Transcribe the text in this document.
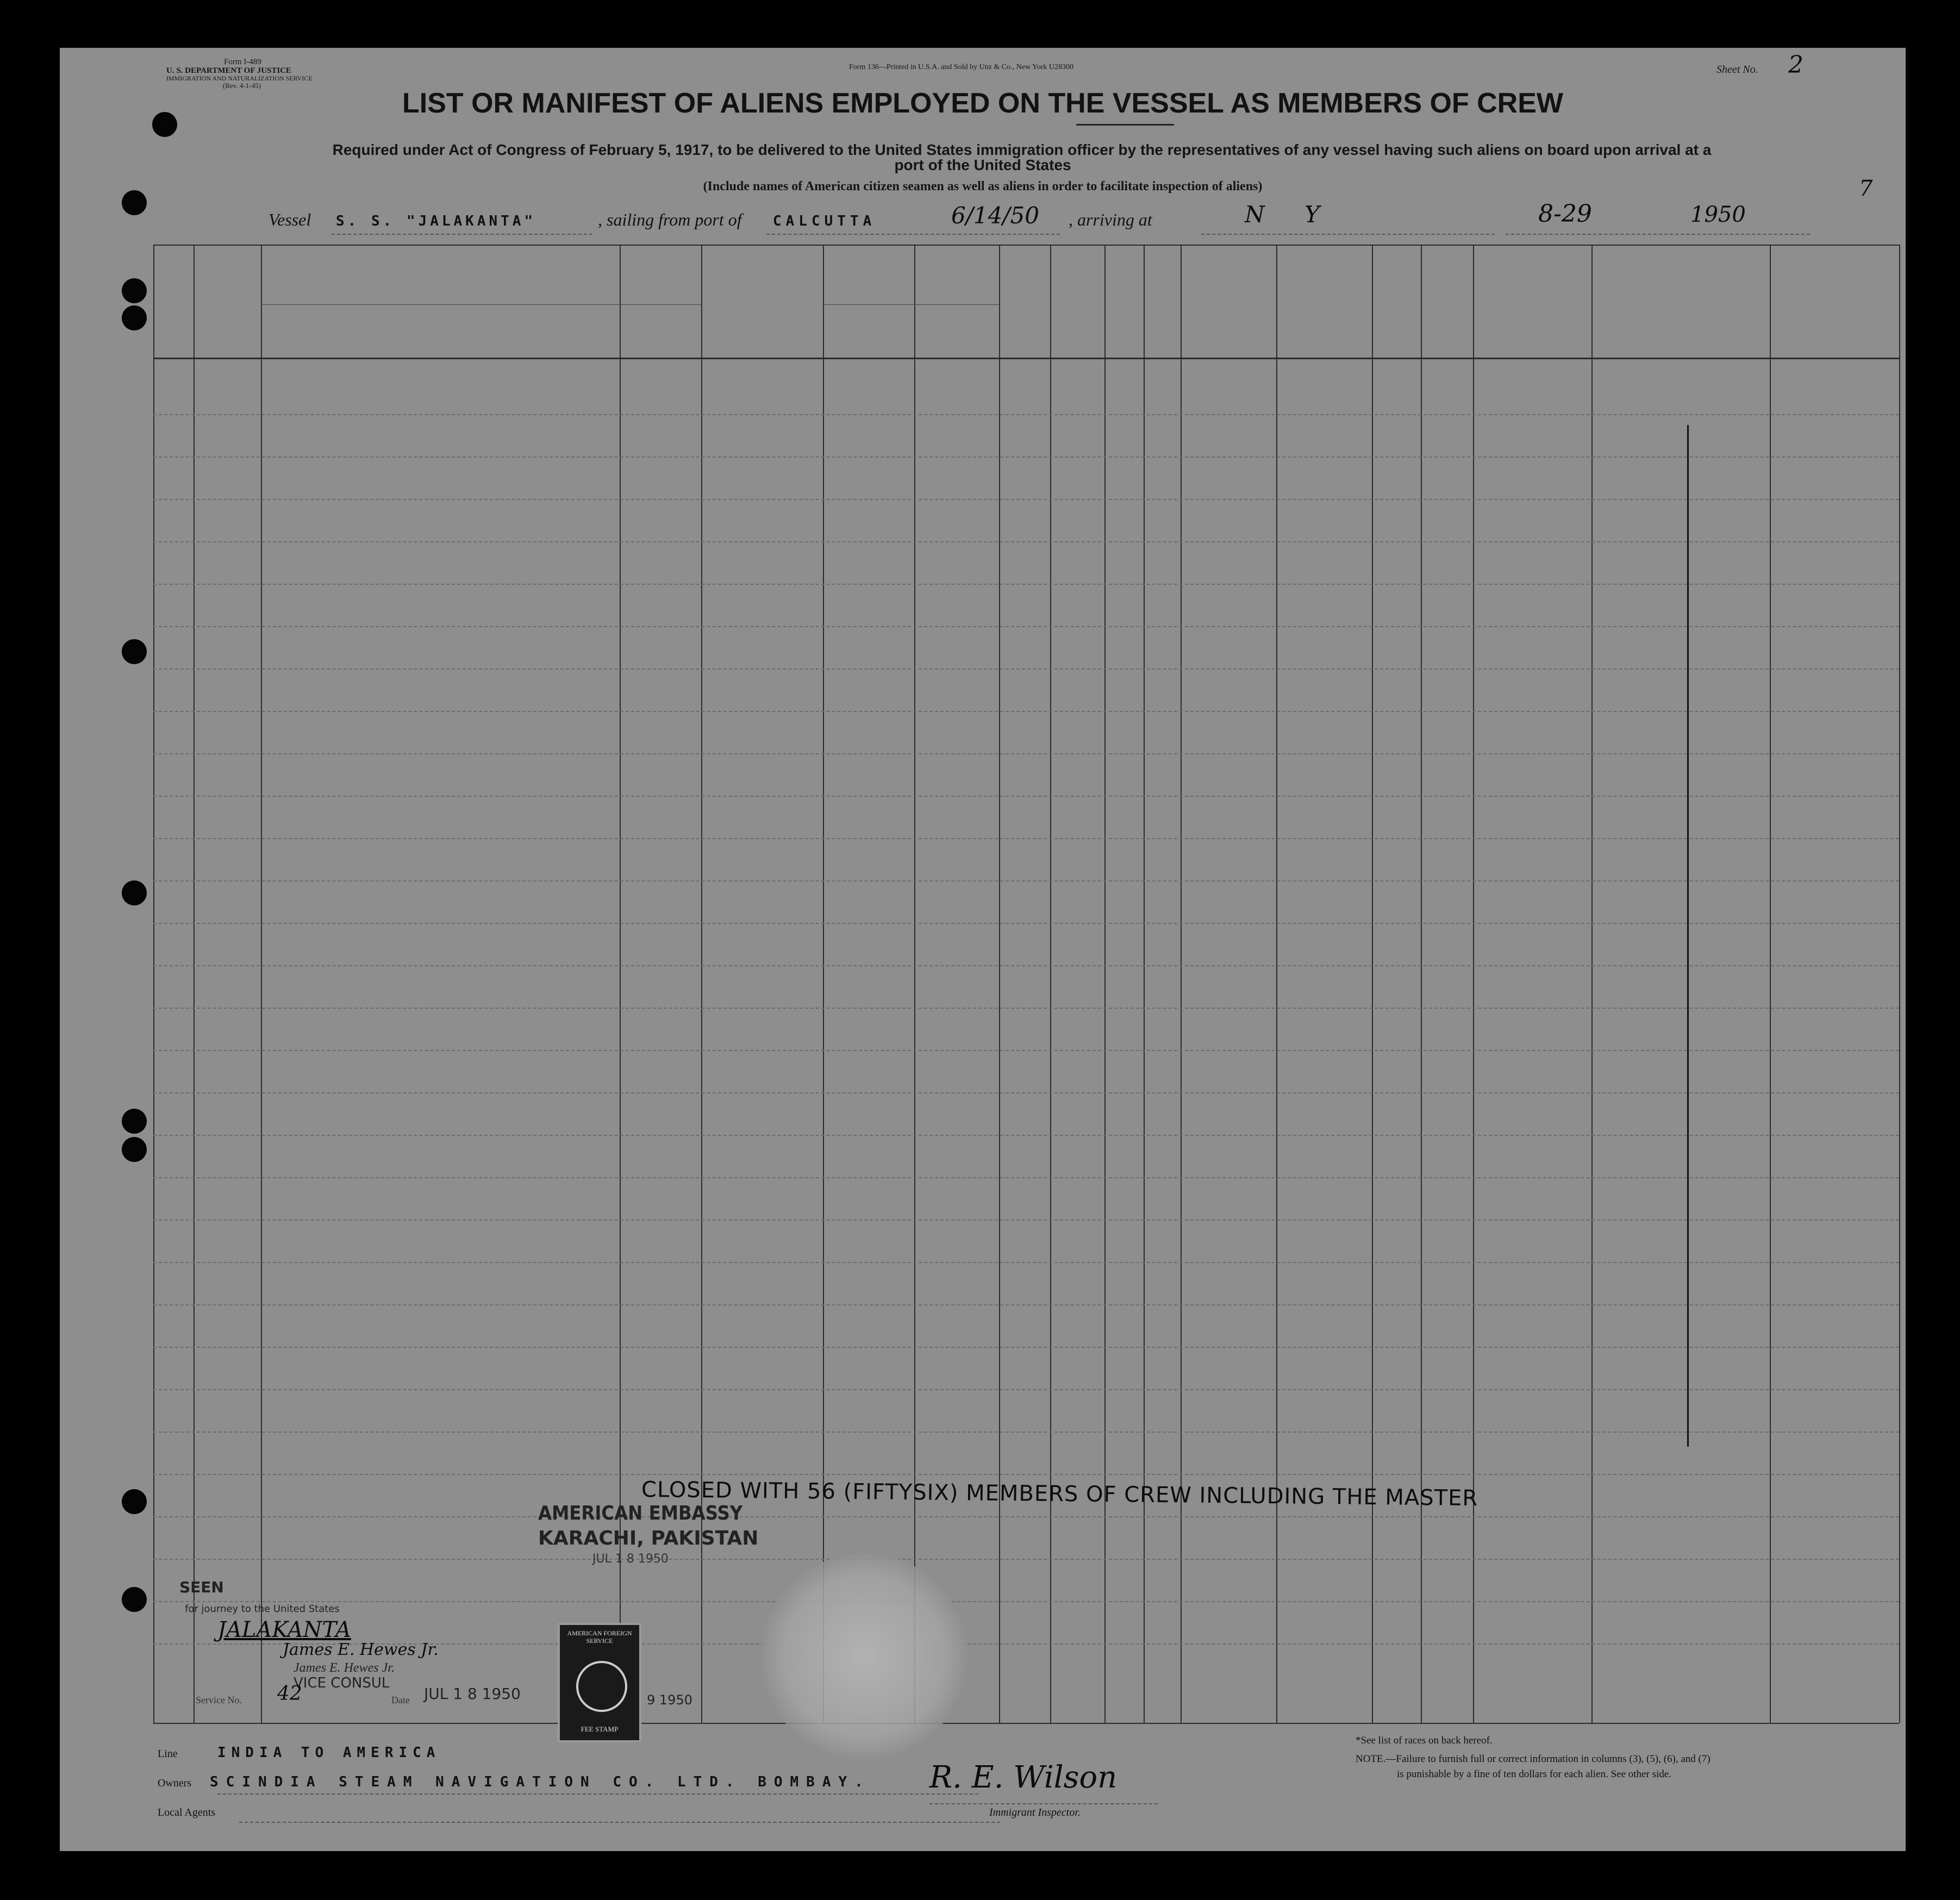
Form I-489
U. S. DEPARTMENT OF JUSTICE
IMMIGRATION AND NATURALIZATION SERVICE
(Rev. 4-1-45)
Form 136—Printed in U.S.A. and Sold by Unz & Co., New York U28300	Sheet No. 2
7
LIST OR MANIFEST OF ALIENS EMPLOYED ON THE VESSEL AS MEMBERS OF CREW
Required under Act of Congress of February 5, 1917, to be delivered to the United States immigration officer by the representatives of any vessel having such aliens on board upon arrival at a
port of the United States
(Include names of American citizen seamen as well as aliens in order to facilitate inspection of aliens)
Vessel S. S. "JALAKANTA"	, sailing from port of CALCUTTA	6/14/50 , arriving at	N Y	8-29	1950
CLOSED WITH 56 (FIFTYSIX) MEMBERS OF CREW INCLUDING THE MASTER
AMERICAN EMBASSY
KARACHI, PAKISTAN
JUL 1 8 1950
SEEN
for journey to the United States
JALAKANTA
James E. Hewes Jr.
James E. Hewes Jr.
VICE CONSUL
Service No. 42	Date JUL 1 8 1950
AMERICAN FOREIGN SERVICE
FEE STAMP
9 1950
Line	INDIA TO AMERICA
Owners SCINDIA STEAM NAVIGATION CO. LTD. BOMBAY.
Local Agents
R. E. Wilson
Immigrant Inspector.
*See list of races on back hereof.
NOTE.—Failure to furnish full or correct information in columns (3), (5), (6), and (7)
is punishable by a fine of ten dollars for each alien. See other side.
